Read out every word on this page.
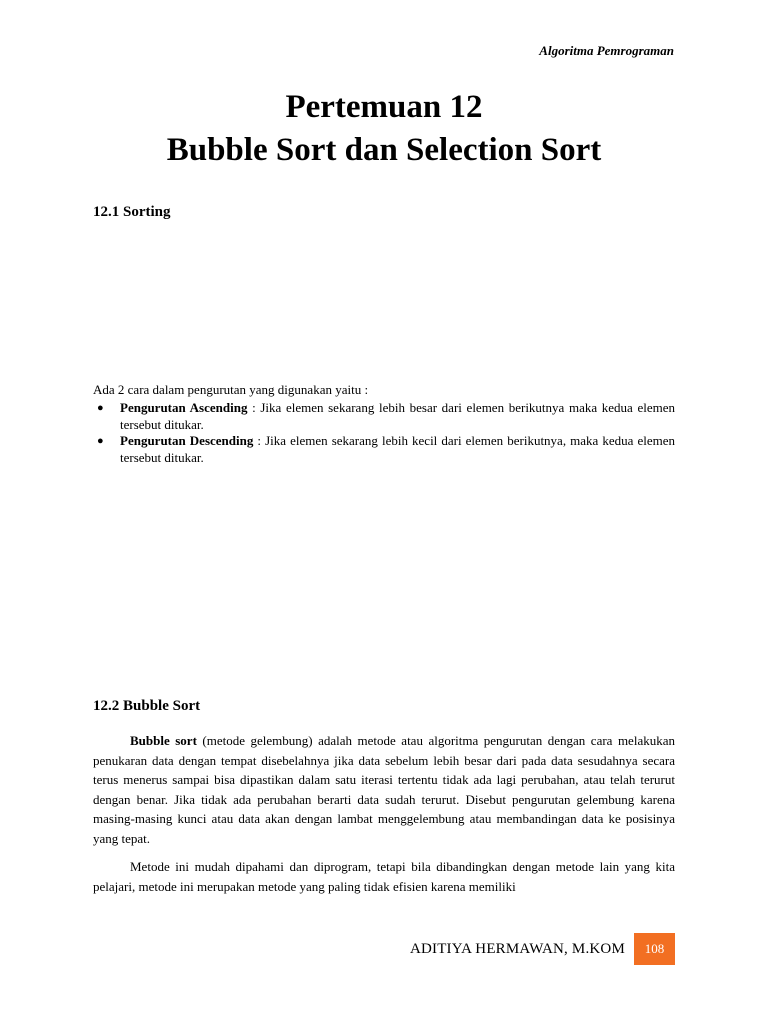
Algoritma Pemrograman
Pertemuan 12
Bubble Sort dan Selection Sort
12.1 Sorting
Ada 2 cara dalam pengurutan yang digunakan yaitu :
● Pengurutan Ascending : Jika elemen sekarang lebih besar dari elemen berikutnya maka kedua elemen tersebut ditukar.
● Pengurutan Descending : Jika elemen sekarang lebih kecil dari elemen berikutnya, maka kedua elemen tersebut ditukar.
12.2 Bubble Sort

Bubble sort (metode gelembung) adalah metode atau algoritma pengurutan dengan cara melakukan penukaran data dengan tempat disebelahnya jika data sebelum lebih besar dari pada data sesudahnya secara terus menerus sampai bisa dipastikan dalam satu iterasi tertentu tidak ada lagi perubahan, atau telah terurut dengan benar. Jika tidak ada perubahan berarti data sudah terurut. Disebut pengurutan gelembung karena masing-masing kunci atau data akan dengan lambat menggelembung atau membandingan data ke posisinya yang tepat.

Metode ini mudah dipahami dan diprogram, tetapi bila dibandingkan dengan metode lain yang kita pelajari, metode ini merupakan metode yang paling tidak efisien karena memiliki

ADITIYA HERMAWAN, M.KOM	108
